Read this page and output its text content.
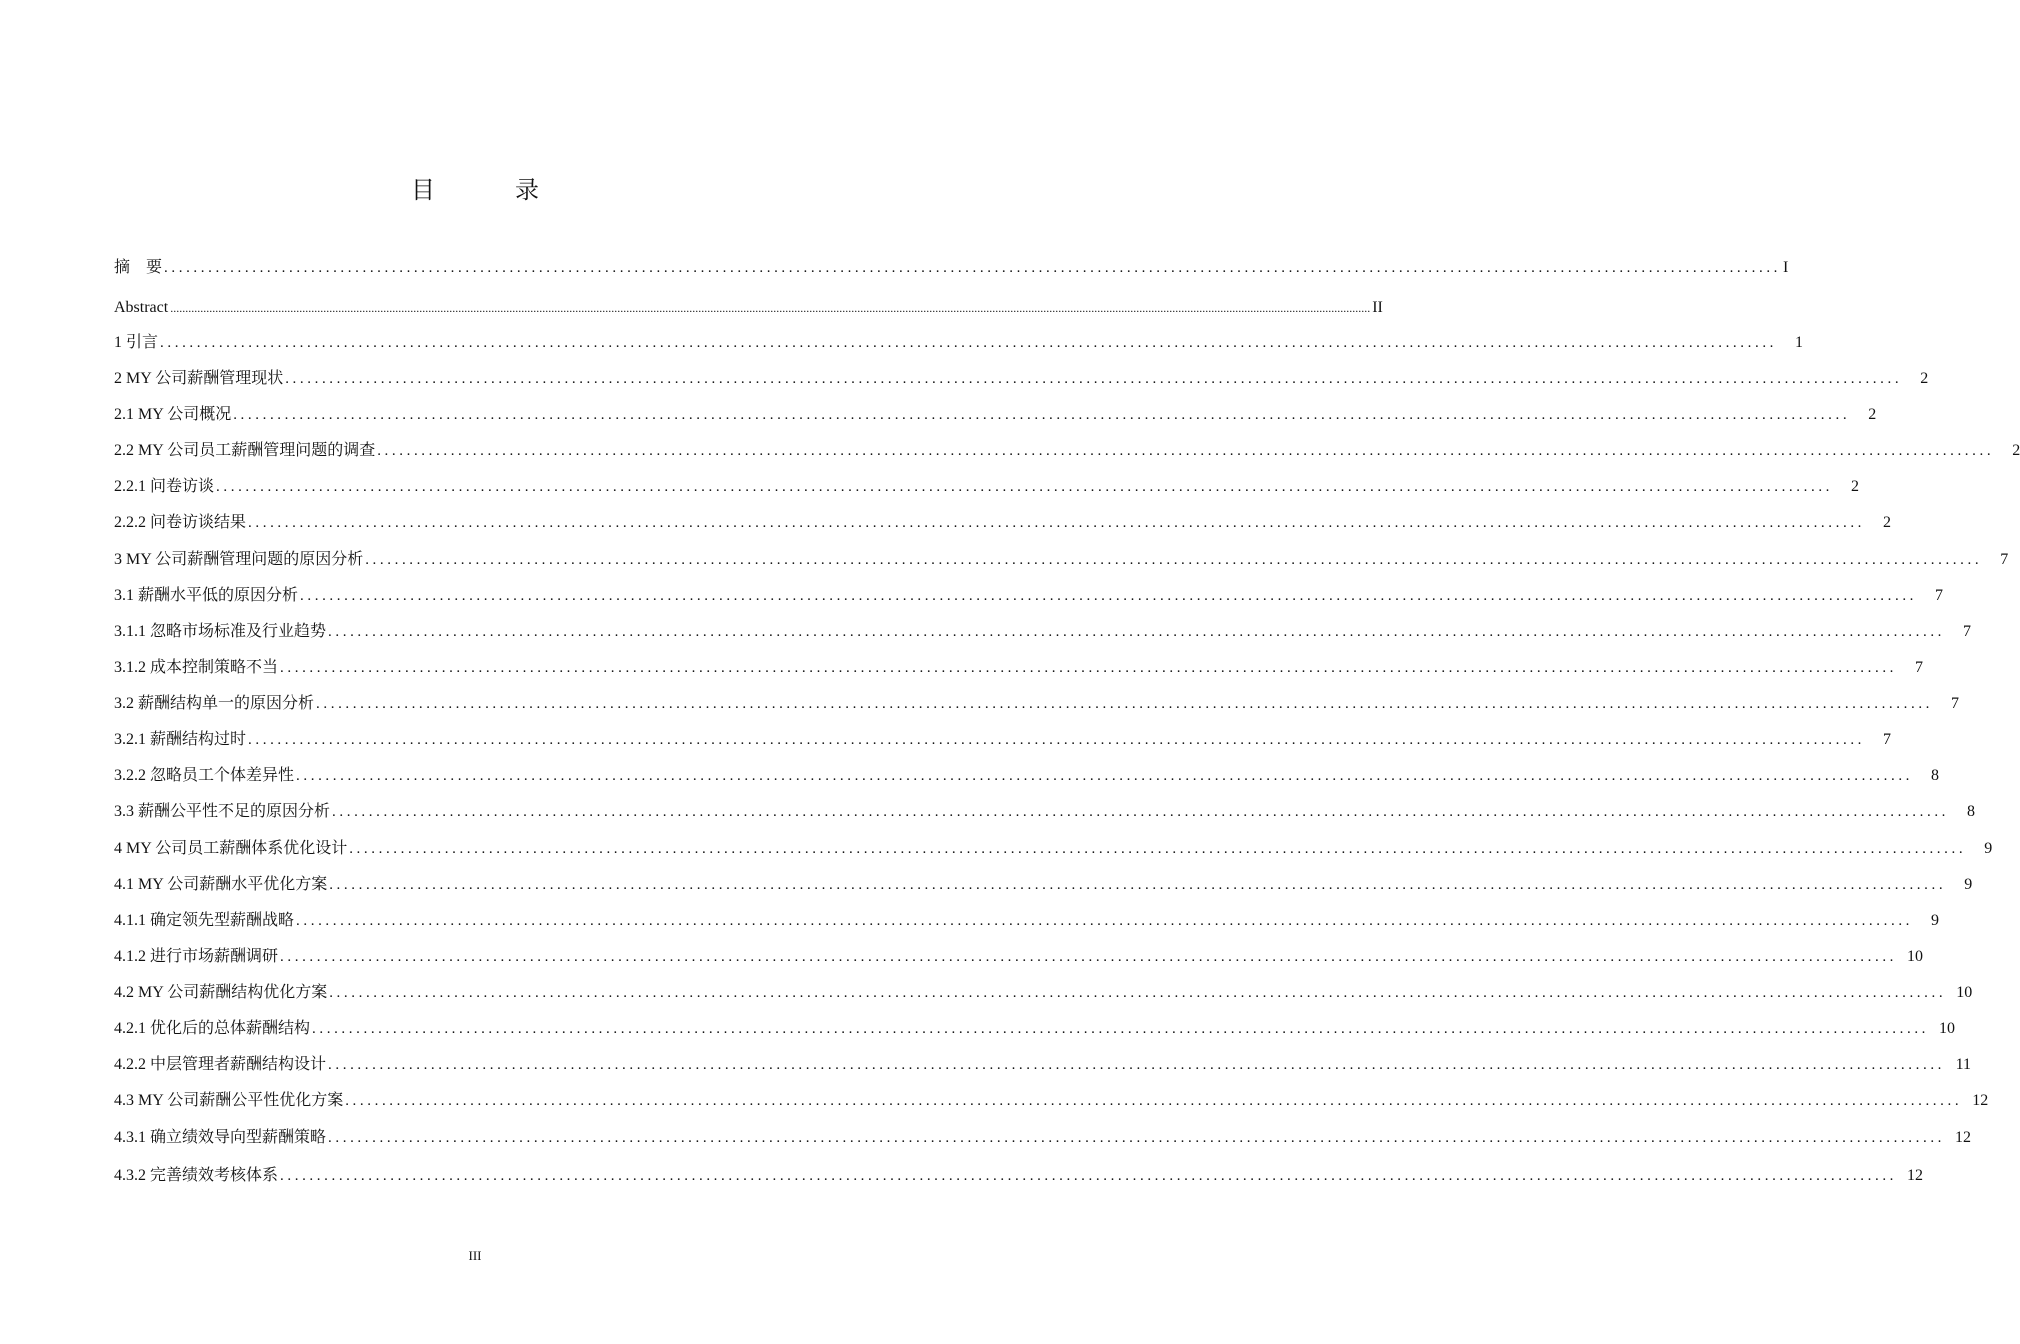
目　录
摘　要 ............................................................................................................................................................................................................................ I
Abstract ................................................................................................................................................................................................................................................................................................................................................................................................................ II
1 引言 ............................................................................................................................................................................................................................	1
2 MY 公司薪酬管理现状 ............................................................................................................................................................................................................................	2
2.1 MY 公司概况 ............................................................................................................................................................................................................................	2
2.2 MY 公司员工薪酬管理问题的调查 ............................................................................................................................................................................................................................	2
2.2.1 问卷访谈 ............................................................................................................................................................................................................................	2
2.2.2 问卷访谈结果 ............................................................................................................................................................................................................................	2
3 MY 公司薪酬管理问题的原因分析 ............................................................................................................................................................................................................................	7
3.1 薪酬水平低的原因分析 ............................................................................................................................................................................................................................	7
3.1.1 忽略市场标准及行业趋势 ............................................................................................................................................................................................................................	7
3.1.2 成本控制策略不当 ............................................................................................................................................................................................................................	7
3.2 薪酬结构单一的原因分析 ............................................................................................................................................................................................................................	7
3.2.1 薪酬结构过时 ............................................................................................................................................................................................................................	7
3.2.2 忽略员工个体差异性 ............................................................................................................................................................................................................................	8
3.3 薪酬公平性不足的原因分析 ............................................................................................................................................................................................................................	8
4 MY 公司员工薪酬体系优化设计 ............................................................................................................................................................................................................................	9
4.1 MY 公司薪酬水平优化方案 ............................................................................................................................................................................................................................	9
4.1.1 确定领先型薪酬战略 ............................................................................................................................................................................................................................	9
4.1.2 进行市场薪酬调研 ............................................................................................................................................................................................................................ 10
4.2 MY 公司薪酬结构优化方案 ............................................................................................................................................................................................................................ 10
4.2.1 优化后的总体薪酬结构 ............................................................................................................................................................................................................................ 10
4.2.2 中层管理者薪酬结构设计 ............................................................................................................................................................................................................................ 11
4.3 MY 公司薪酬公平性优化方案 ............................................................................................................................................................................................................................ 12
4.3.1 确立绩效导向型薪酬策略 ............................................................................................................................................................................................................................ 12
4.3.2 完善绩效考核体系 ............................................................................................................................................................................................................................ 12
III
